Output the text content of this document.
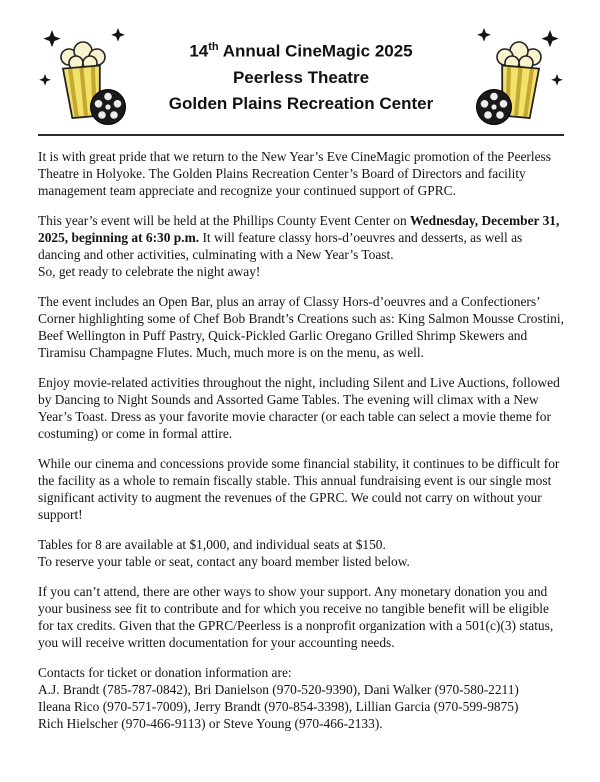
14th Annual CineMagic 2025
Peerless Theatre
Golden Plains Recreation Center

It is with great pride that we return to the New Year’s Eve CineMagic promotion of the Peerless Theatre in Holyoke. The Golden Plains Recreation Center’s Board of Directors and facility management team appreciate and recognize your continued support of GPRC.

This year’s event will be held at the Phillips County Event Center on Wednesday, December 31, 2025, beginning at 6:30 p.m. It will feature classy hors-d’oeuvres and desserts, as well as dancing and other activities, culminating with a New Year’s Toast.
So, get ready to celebrate the night away!

The event includes an Open Bar, plus an array of Classy Hors-d’oeuvres and a Confectioners’ Corner highlighting some of Chef Bob Brandt’s Creations such as: King Salmon Mousse Crostini, Beef Wellington in Puff Pastry, Quick-Pickled Garlic Oregano Grilled Shrimp Skewers and Tiramisu Champagne Flutes. Much, much more is on the menu, as well.

Enjoy movie-related activities throughout the night, including Silent and Live Auctions, followed by Dancing to Night Sounds and Assorted Game Tables. The evening will climax with a New Year’s Toast. Dress as your favorite movie character (or each table can select a movie theme for costuming) or come in formal attire.

While our cinema and concessions provide some financial stability, it continues to be difficult for the facility as a whole to remain fiscally stable. This annual fundraising event is our single most significant activity to augment the revenues of the GPRC. We could not carry on without your support!

Tables for 8 are available at $1,000, and individual seats at $150.
To reserve your table or seat, contact any board member listed below.

If you can’t attend, there are other ways to show your support. Any monetary donation you and your business see fit to contribute and for which you receive no tangible benefit will be eligible for tax credits. Given that the GPRC/Peerless is a nonprofit organization with a 501(c)(3) status, you will receive written documentation for your accounting needs.

Contacts for ticket or donation information are:
A.J. Brandt (785-787-0842), Bri Danielson (970-520-9390), Dani Walker (970-580-2211)
Ileana Rico (970-571-7009), Jerry Brandt (970-854-3398), Lillian Garcia (970-599-9875)
Rich Hielscher (970-466-9113) or Steve Young (970-466-2133).
